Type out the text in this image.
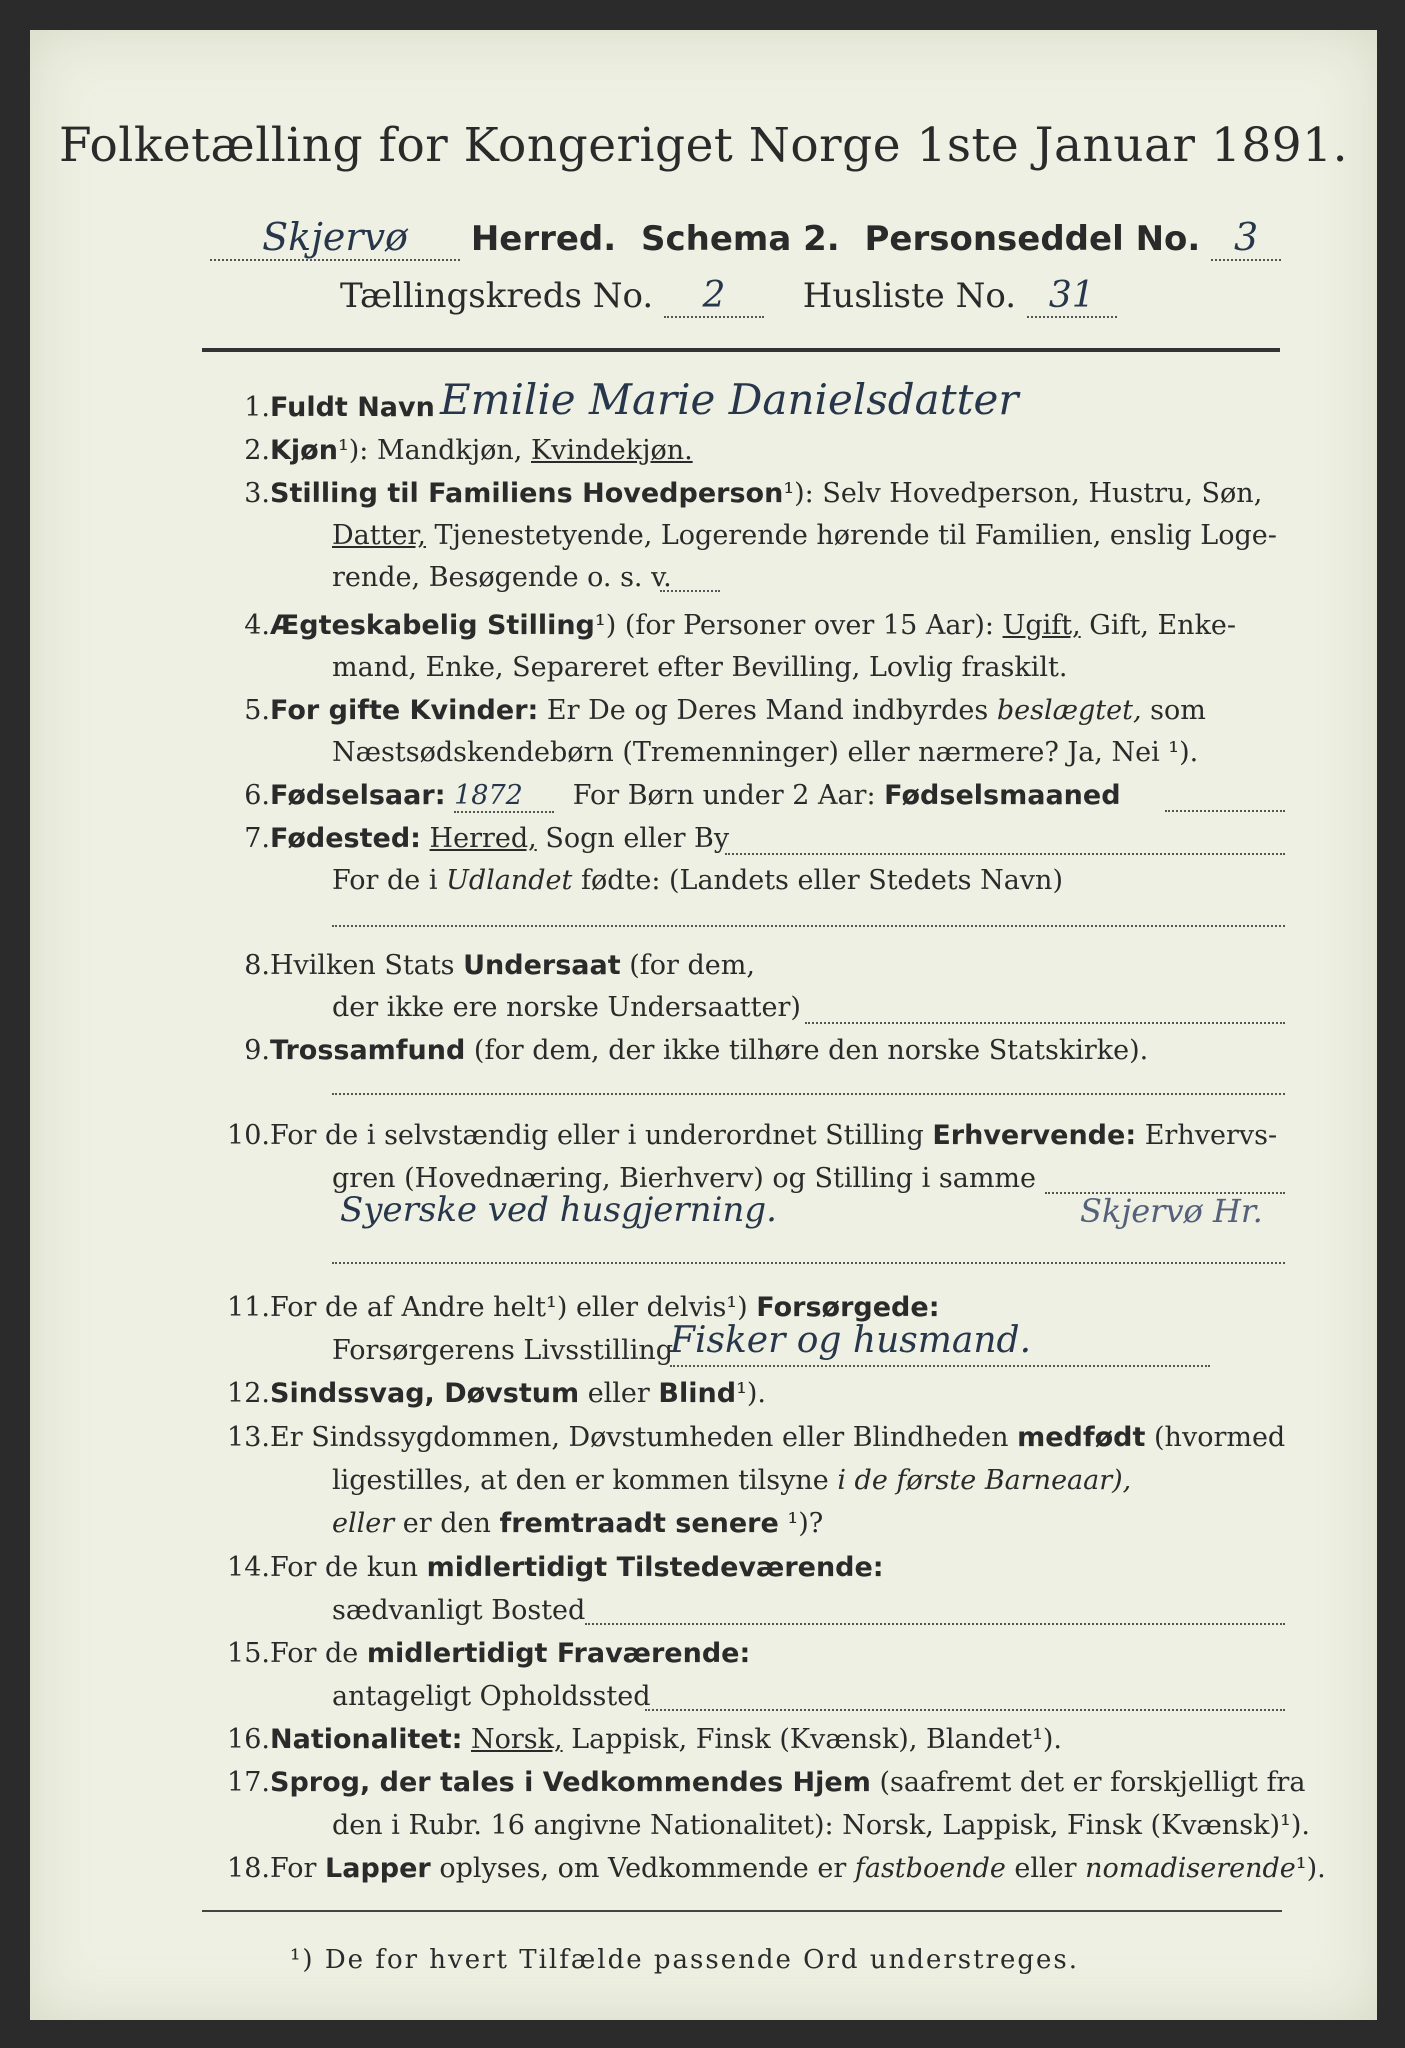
Folketælling for Kongeriget Norge 1ste Januar 1891.
Skjervø Herred. Schema 2. Personseddel No. 3
Tællingskreds No. 2 Husliste No. 31
1. Fuldt Navn Emilie Marie Danielsdatter
2. Kjøn¹): Mandkjøn, Kvindekjøn.
3. Stilling til Familiens Hovedperson¹): Selv Hovedperson, Hustru, Søn,
Datter, Tjenestetyende, Logerende hørende til Familien, enslig Loge-
rende, Besøgende o. s. v.
4. Ægteskabelig Stilling¹) (for Personer over 15 Aar): Ugift, Gift, Enke-
mand, Enke, Separeret efter Bevilling, Lovlig fraskilt.
5. For gifte Kvinder: Er De og Deres Mand indbyrdes beslægtet, som
Næstsødskendebørn (Tremenninger) eller nærmere? Ja, Nei ¹).
6. Fødselsaar: 1872 For Børn under 2 Aar: Fødselsmaaned
7. Fødested: Herred, Sogn eller By
For de i Udlandet fødte: (Landets eller Stedets Navn)
8. Hvilken Stats Undersaat (for dem,
der ikke ere norske Undersaatter)
9. Trossamfund (for dem, der ikke tilhøre den norske Statskirke).
10. For de i selvstændig eller i underordnet Stilling Erhvervende: Erhvervs-
gren (Hovednæring, Bierhverv) og Stilling i samme
Syerske ved husgjerning.	Skjervø Hr.
11. For de af Andre helt¹) eller delvis¹) Forsørgede:
Forsørgerens Livsstilling
Fisker og husmand.
12. Sindssvag, Døvstum eller Blind¹).
13. Er Sindssygdommen, Døvstumheden eller Blindheden medfødt (hvormed
ligestilles, at den er kommen tilsyne i de første Barneaar),
eller er den fremtraadt senere ¹)?
14. For de kun midlertidigt Tilstedeværende:
sædvanligt Bosted
15. For de midlertidigt Fraværende:
antageligt Opholdssted
16. Nationalitet: Norsk, Lappisk, Finsk (Kvænsk), Blandet¹).
17. Sprog, der tales i Vedkommendes Hjem (saafremt det er forskjelligt fra
den i Rubr. 16 angivne Nationalitet): Norsk, Lappisk, Finsk (Kvænsk)¹).
18. For Lapper oplyses, om Vedkommende er fastboende eller nomadiserende¹).
¹) De for hvert Tilfælde passende Ord understreges.
